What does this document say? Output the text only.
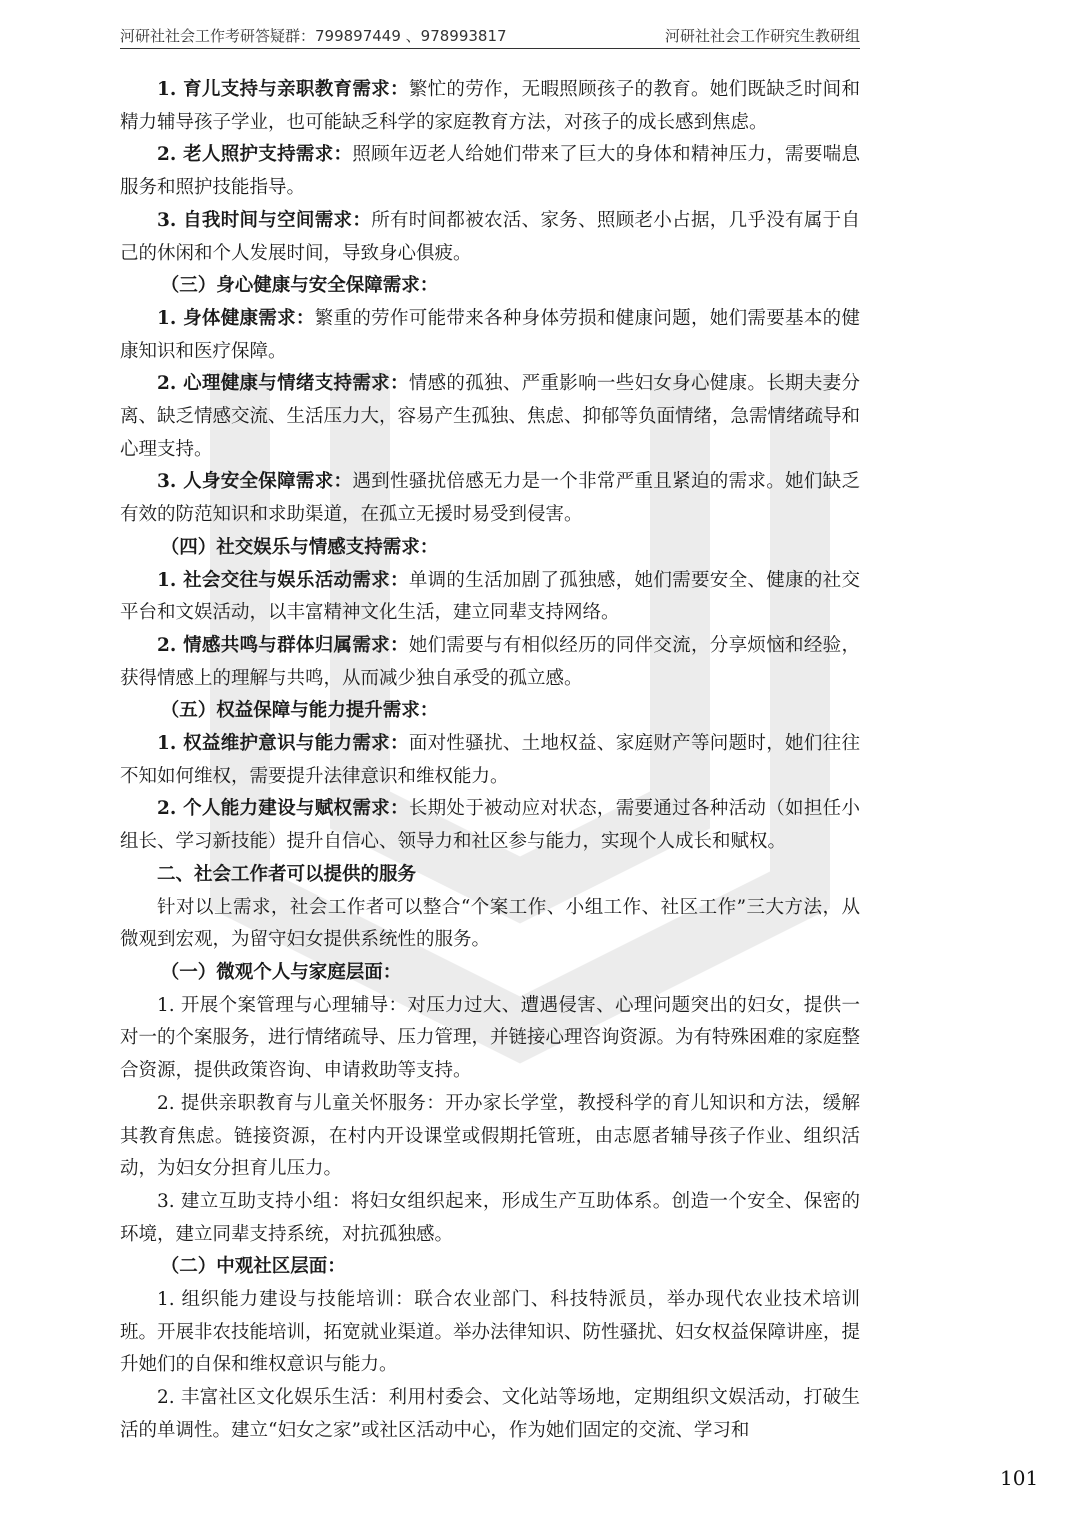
河研社社会工作考研答疑群：799897449 、978993817	河研社社会工作研究生教研组

1. 育儿支持与亲职教育需求：繁忙的劳作，无暇照顾孩子的教育。她们既缺乏时间和精力辅导孩子学业，也可能缺乏科学的家庭教育方法，对孩子的成长感到焦虑。

2. 老人照护支持需求：照顾年迈老人给她们带来了巨大的身体和精神压力，需要喘息服务和照护技能指导。

3. 自我时间与空间需求：所有时间都被农活、家务、照顾老小占据，几乎没有属于自己的休闲和个人发展时间，导致身心俱疲。

（三）身心健康与安全保障需求：

1. 身体健康需求：繁重的劳作可能带来各种身体劳损和健康问题，她们需要基本的健康知识和医疗保障。

2. 心理健康与情绪支持需求：情感的孤独、严重影响一些妇女身心健康。长期夫妻分离、缺乏情感交流、生活压力大，容易产生孤独、焦虑、抑郁等负面情绪，急需情绪疏导和心理支持。

3. 人身安全保障需求：遇到性骚扰倍感无力是一个非常严重且紧迫的需求。她们缺乏有效的防范知识和求助渠道，在孤立无援时易受到侵害。

（四）社交娱乐与情感支持需求：

1. 社会交往与娱乐活动需求：单调的生活加剧了孤独感，她们需要安全、健康的社交平台和文娱活动，以丰富精神文化生活，建立同辈支持网络。

2. 情感共鸣与群体归属需求：她们需要与有相似经历的同伴交流，分享烦恼和经验，获得情感上的理解与共鸣，从而减少独自承受的孤立感。

（五）权益保障与能力提升需求：

1. 权益维护意识与能力需求：面对性骚扰、土地权益、家庭财产等问题时，她们往往不知如何维权，需要提升法律意识和维权能力。

2. 个人能力建设与赋权需求：长期处于被动应对状态，需要通过各种活动（如担任小组长、学习新技能）提升自信心、领导力和社区参与能力，实现个人成长和赋权。

二、社会工作者可以提供的服务

针对以上需求，社会工作者可以整合“个案工作、小组工作、社区工作”三大方法，从微观到宏观，为留守妇女提供系统性的服务。

（一）微观个人与家庭层面：

1. 开展个案管理与心理辅导：对压力过大、遭遇侵害、心理问题突出的妇女，提供一对一的个案服务，进行情绪疏导、压力管理，并链接心理咨询资源。为有特殊困难的家庭整合资源，提供政策咨询、申请救助等支持。

2. 提供亲职教育与儿童关怀服务：开办家长学堂，教授科学的育儿知识和方法，缓解其教育焦虑。链接资源，在村内开设课堂或假期托管班，由志愿者辅导孩子作业、组织活动，为妇女分担育儿压力。

3. 建立互助支持小组：将妇女组织起来，形成生产互助体系。创造一个安全、保密的环境，建立同辈支持系统，对抗孤独感。

（二）中观社区层面：

1. 组织能力建设与技能培训：联合农业部门、科技特派员，举办现代农业技术培训班。开展非农技能培训，拓宽就业渠道。举办法律知识、防性骚扰、妇女权益保障讲座，提升她们的自保和维权意识与能力。

2. 丰富社区文化娱乐生活：利用村委会、文化站等场地，定期组织文娱活动，打破生活的单调性。建立“妇女之家”或社区活动中心，作为她们固定的交流、学习和

101
